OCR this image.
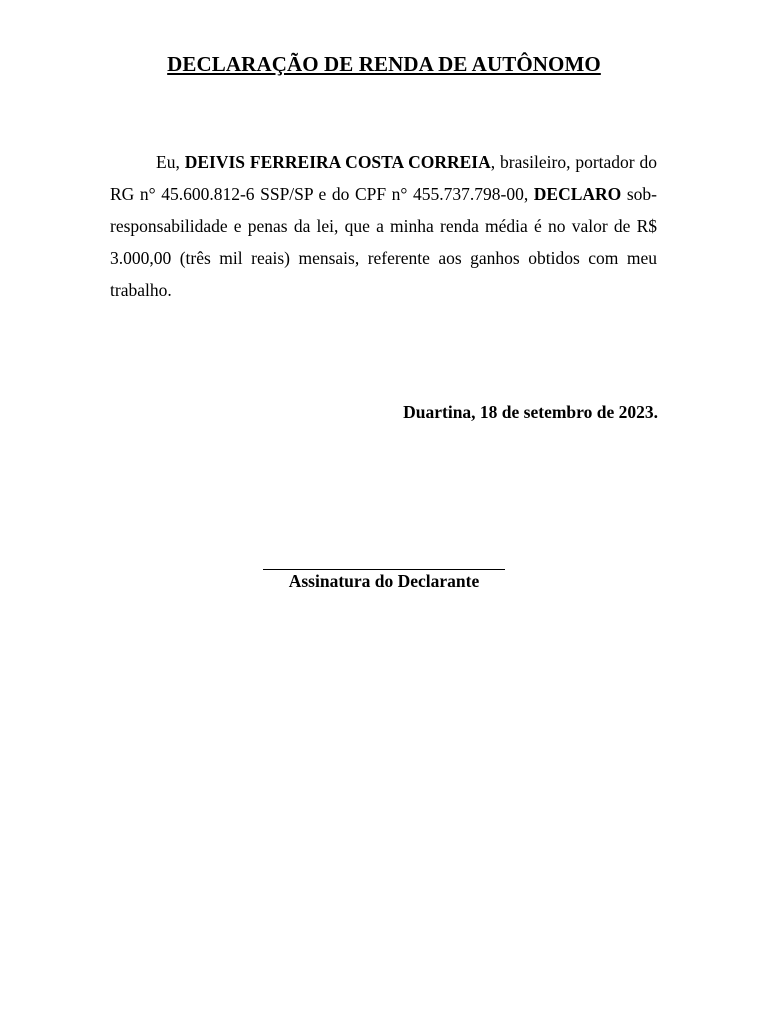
DECLARAÇÃO DE RENDA DE AUTÔNOMO

Eu, DEIVIS FERREIRA COSTA CORREIA, brasileiro, portador do RG n° 45.600.812-6 SSP/SP e do CPF n° 455.737.798-00, DECLARO sob-responsabilidade e penas da lei, que a minha renda média é no valor de R$ 3.000,00 (três mil reais) mensais, referente aos ganhos obtidos com meu trabalho.

Duartina, 18 de setembro de 2023.
Assinatura do Declarante
